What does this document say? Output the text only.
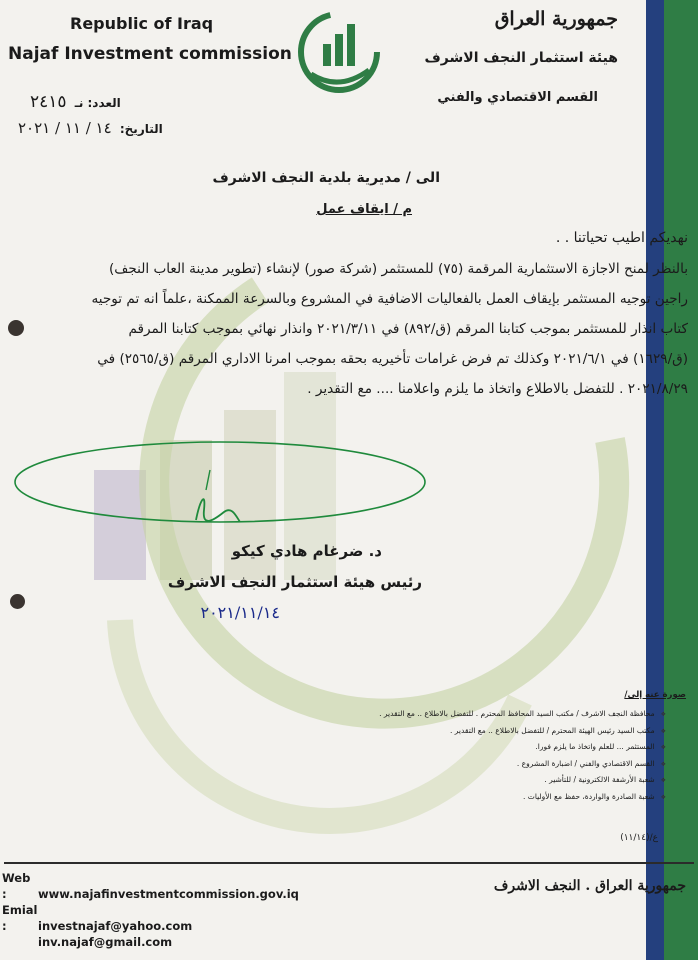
Republic of Iraq
Najaf Investment commission
جمهورية العراق
هيئة استثمار النجف الاشرف
القسم الاقتصادي والفني
العدد: نـ ٢٤١٥
التاريخ: ١٤ / ١١ / ٢٠٢١
الى / مديرية بلدية النجف الاشرف
م / ايقاف عمل
نهديكم اطيب تحياتنا . .

بالنظر لمنح الاجازة الاستثمارية المرقمة (٧٥) للمستثمر (شركة صور) لإنشاء (تطوير مدينة العاب النجف)

راجين توجيه المستثمر بإيقاف العمل بالفعاليات الاضافية في المشروع وبالسرعة الممكنة ،علماً انه تم توجيه

كتاب انذار للمستثمر بموجب كتابنا المرقم (ق/٨٩٢) في ٢٠٢١/٣/١١ وانذار نهائي بموجب كتابنا المرقم

(ق/١٦٢٩) في ٢٠٢١/٦/١ وكذلك تم فرض غرامات تأخيريه بحقه بموجب امرنا الاداري المرقم (ق/٢٥٦٥) في

٢٠٢١/٨/٢٩ . للتفضل بالاطلاع واتخاذ ما يلزم واعلامنا .... مع التقدير .

د. ضرغام هادي كيكو
رئيس هيئة استثمار النجف الاشرف
٢٠٢١/١١/١٤
صورة عنه إلى/
❖محافظة النجف الاشرف / مكتب السيد المحافظ المحترم . للتفضل بالاطلاع .. مع التقدير .
❖مكتب السيد رئيس الهيئة المحترم / للتفضل بالاطلاع .. مع التقدير .
❖المستثمر ... للعلم واتخاذ ما يلزم فورا.
❖القسم الاقتصادي والفني / اضبارة المشروع .
❖شعبة الأرشفة الالكترونية / للتأشير .
❖شعبة الصادرة والواردة، حفظ مع الأوليات .
ع/(١١/١٤)
Web :	www.najafinvestmentcommission.gov.iq
Emial :	investnajaf@yahoo.com
inv.najaf@gmail.com
جمهورية العراق . النجف الاشرف
